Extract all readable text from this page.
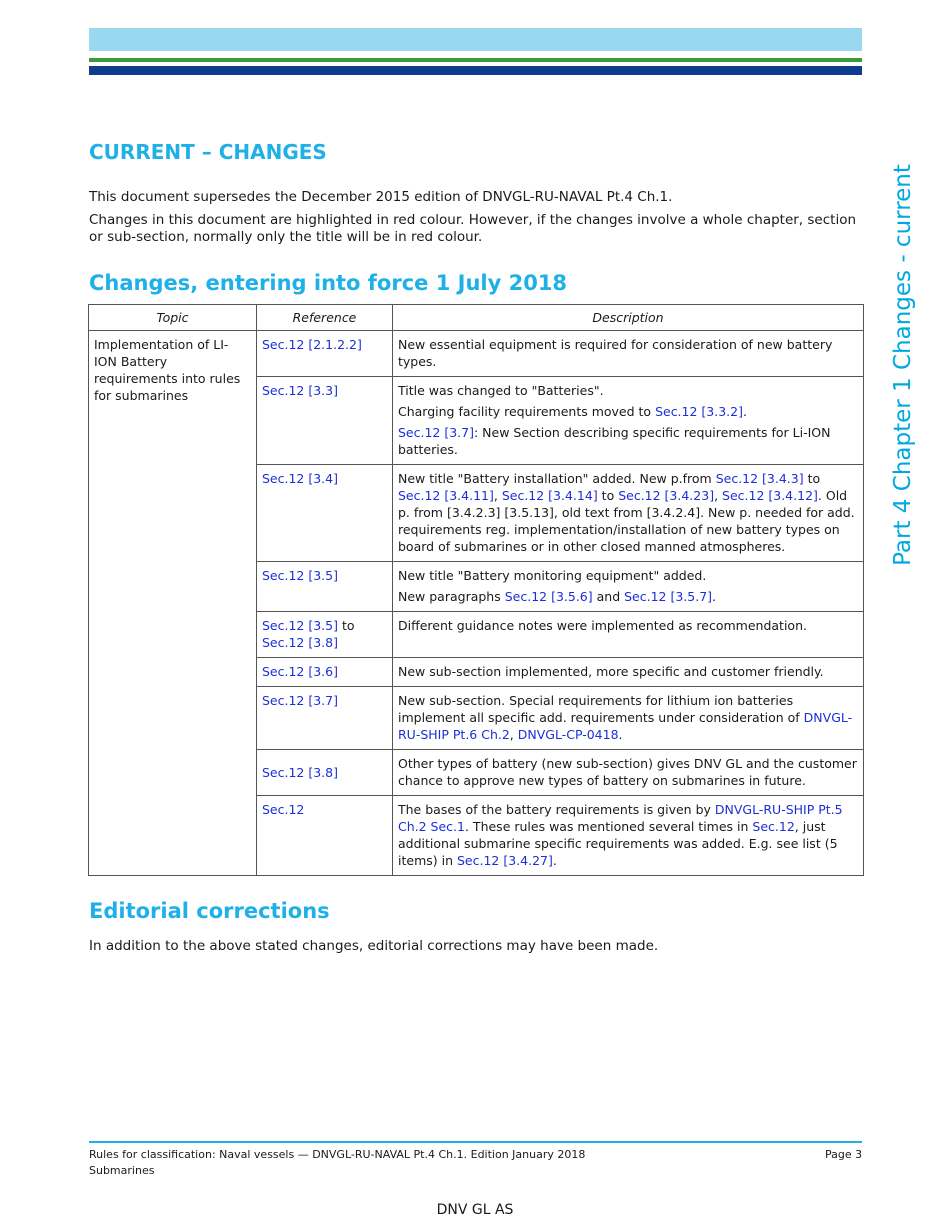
Part 4 Chapter 1 Changes - current
CURRENT – CHANGES

This document supersedes the December 2015 edition of DNVGL-RU-NAVAL Pt.4 Ch.1.

Changes in this document are highlighted in red colour. However, if the changes involve a whole chapter, section or sub-section, normally only the title will be in red colour.

Changes, entering into force 1 July 2018
Topic	Reference	Description
Implementation of LI-ION Battery requirements into rules for submarines	Sec.12 [2.1.2.2]	New essential equipment is required for consideration of new battery types.
	Sec.12 [3.3]	Title was changed to "Batteries".

Charging facility requirements moved to Sec.12 [3.3.2].

Sec.12 [3.7]: New Section describing specific requirements for Li-ION batteries.

	Sec.12 [3.4]	New title "Battery installation" added. New p.from Sec.12 [3.4.3] to Sec.12 [3.4.11], Sec.12 [3.4.14] to Sec.12 [3.4.23], Sec.12 [3.4.12]. Old p. from [3.4.2.3] [3.5.13], old text from [3.4.2.4]. New p. needed for add. requirements reg. implementation/installation of new battery types on board of submarines or in other closed manned atmospheres.
	Sec.12 [3.5]	New title "Battery monitoring equipment" added.

New paragraphs Sec.12 [3.5.6] and Sec.12 [3.5.7].

	Sec.12 [3.5] to
Sec.12 [3.8]	Different guidance notes were implemented as recommendation.
	Sec.12 [3.6]	New sub-section implemented, more specific and customer friendly.
	Sec.12 [3.7]	New sub-section. Special requirements for lithium ion batteries implement all specific add. requirements under consideration of DNVGL-RU-SHIP Pt.6 Ch.2, DNVGL-CP-0418.
	Sec.12 [3.8]	Other types of battery (new sub-section) gives DNV GL and the customer chance to approve new types of battery on submarines in future.
	Sec.12	The bases of the battery requirements is given by DNVGL-RU-SHIP Pt.5 Ch.2 Sec.1. These rules was mentioned several times in Sec.12, just additional submarine specific requirements was added. E.g. see list (5 items) in Sec.12 [3.4.27].
Editorial corrections

In addition to the above stated changes, editorial corrections may have been made.

Rules for classification: Naval vessels — DNVGL-RU-NAVAL Pt.4 Ch.1. Edition January 2018
Submarines
Page 3
DNV GL AS
